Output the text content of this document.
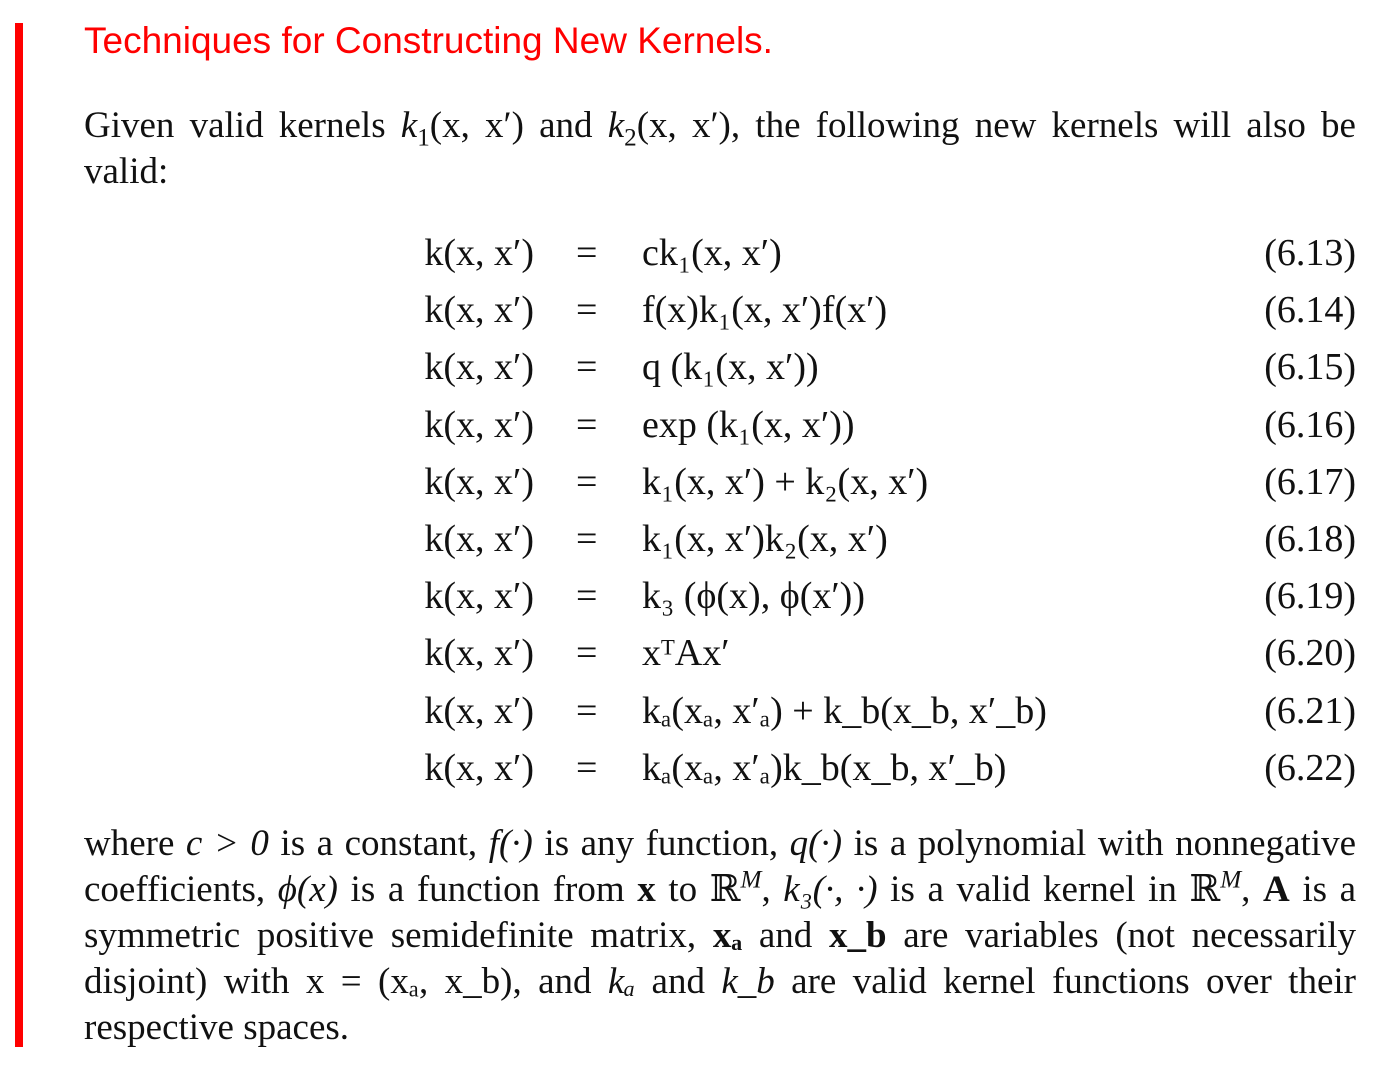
Techniques for Constructing New Kernels.
Given valid kernels $k_1(x$, x′) and $k_2(x$, x′), the following new kernels will also be valid:
k(x, x′) = ck₁(x, x′)	(6.13)
k(x, x′) = f(x)k₁(x, x′)f(x′)	(6.14)
k(x, x′) = q (k₁(x, x′))	(6.15)
k(x, x′) = exp (k₁(x, x′))	(6.16)
k(x, x′) = k₁(x, x′) + k₂(x, x′)	(6.17)
k(x, x′) = k₁(x, x′)k₂(x, x′)	(6.18)
k(x, x′) = k₃ (ϕ(x), ϕ(x′))	(6.19)
k(x, x′) = xᵀAx′	(6.20)
k(x, x′) = kₐ(xₐ, x′ₐ) + k_b(x_b, x′_b)	(6.21)
k(x, x′) = kₐ(xₐ, x′ₐ)k_b(x_b, x′_b)	(6.22)
where c > 0 is a constant, f(·) is any function, q(·) is a polynomial with nonnegative coefficients, ϕ(x) is a function from x to ℝ$^M$, k₃(·, ·) is a valid kernel in ℝ$^M$, A is a symmetric positive semidefinite matrix, xₐ and x_b are variables (not necessarily disjoint) with x = (xₐ, x_b), and kₐ and k_b are valid kernel functions over their respective spaces.
